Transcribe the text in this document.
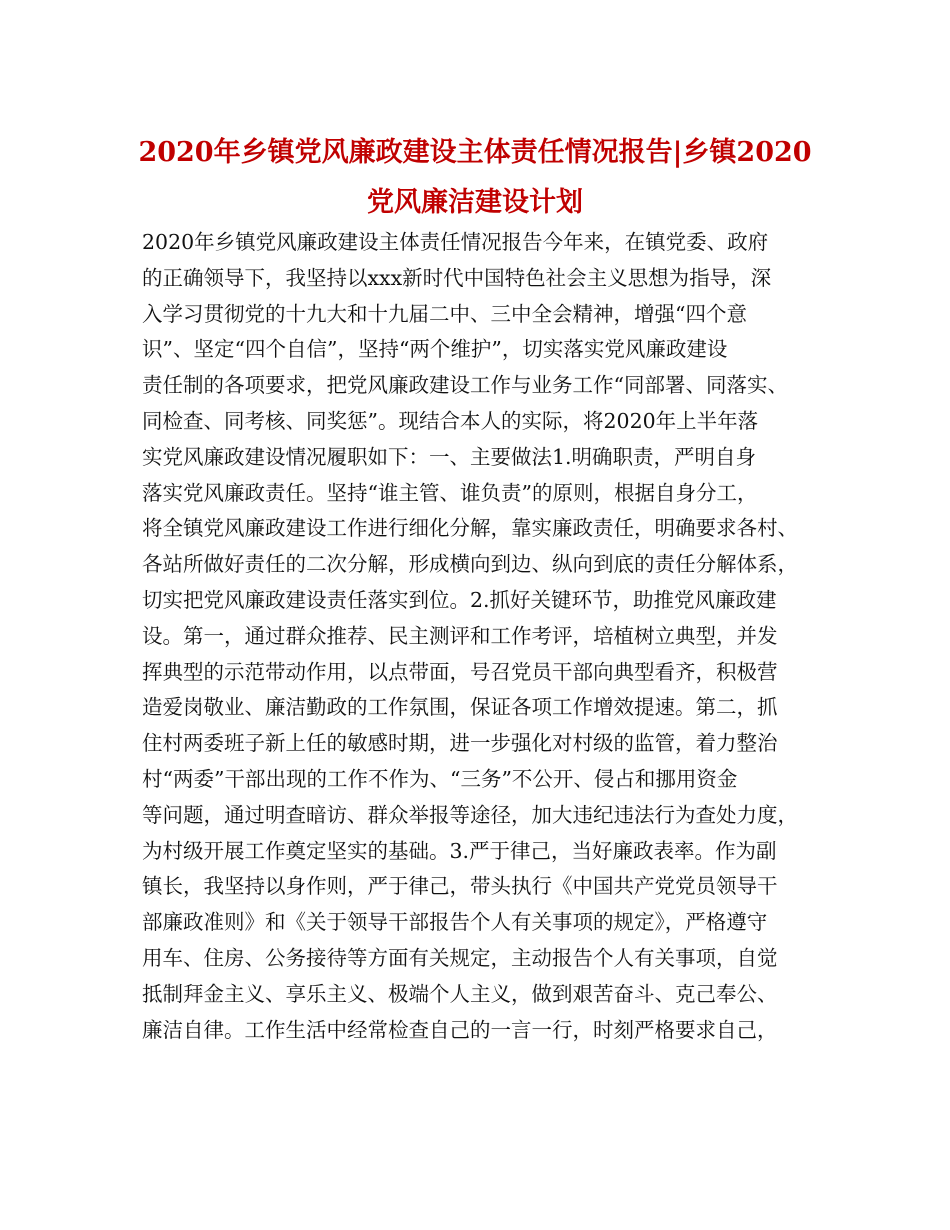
2020年乡镇党风廉政建设主体责任情况报告|乡镇2020
党风廉洁建设计划
2020年乡镇党风廉政建设主体责任情况报告今年来，在镇党委、政府
的正确领导下，我坚持以xxx新时代中国特色社会主义思想为指导，深
入学习贯彻党的十九大和十九届二中、三中全会精神，增强“四个意
识”、坚定“四个自信”，坚持“两个维护”，切实落实党风廉政建设
责任制的各项要求，把党风廉政建设工作与业务工作“同部署、同落实、
同检查、同考核、同奖惩”。现结合本人的实际，将2020年上半年落
实党风廉政建设情况履职如下：一、主要做法1.明确职责，严明自身
落实党风廉政责任。坚持“谁主管、谁负责”的原则，根据自身分工，
将全镇党风廉政建设工作进行细化分解，靠实廉政责任，明确要求各村、
各站所做好责任的二次分解，形成横向到边、纵向到底的责任分解体系，
切实把党风廉政建设责任落实到位。2.抓好关键环节，助推党风廉政建
设。第一，通过群众推荐、民主测评和工作考评，培植树立典型，并发
挥典型的示范带动作用，以点带面，号召党员干部向典型看齐，积极营
造爱岗敬业、廉洁勤政的工作氛围，保证各项工作增效提速。第二，抓
住村两委班子新上任的敏感时期，进一步强化对村级的监管，着力整治
村“两委”干部出现的工作不作为、“三务”不公开、侵占和挪用资金
等问题，通过明查暗访、群众举报等途径，加大违纪违法行为查处力度，
为村级开展工作奠定坚实的基础。3.严于律己，当好廉政表率。作为副
镇长，我坚持以身作则，严于律己，带头执行《中国共产党党员领导干
部廉政准则》和《关于领导干部报告个人有关事项的规定》，严格遵守
用车、住房、公务接待等方面有关规定，主动报告个人有关事项，自觉
抵制拜金主义、享乐主义、极端个人主义，做到艰苦奋斗、克己奉公、
廉洁自律。工作生活中经常检查自己的一言一行，时刻严格要求自己，
